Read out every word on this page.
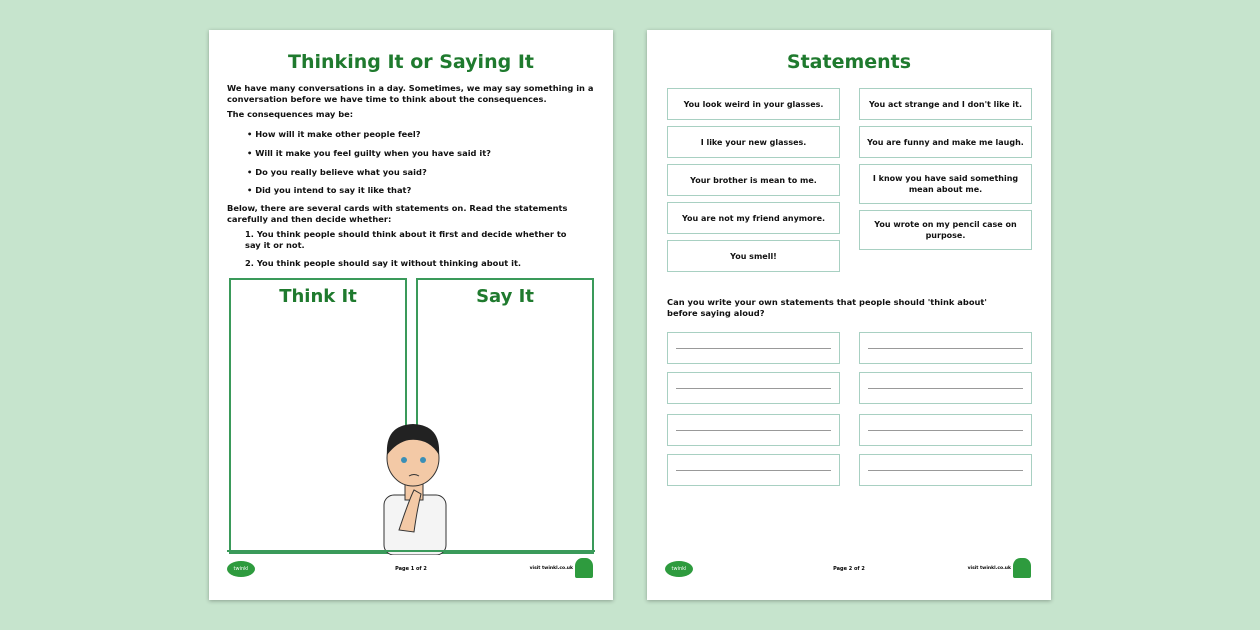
Thinking It or Saying It
We have many conversations in a day. Sometimes, we may say something in a conversation before we have time to think about the consequences.
The consequences may be:
• How will it make other people feel?
• Will it make you feel guilty when you have said it?
• Do you really believe what you said?
• Did you intend to say it like that?
Below, there are several cards with statements on. Read the statements carefully and then decide whether:
1. You think people should think about it first and decide whether to say it or not.
2. You think people should say it without thinking about it.
Think It	Say It
twinkl	Page 1 of 2	visit twinkl.co.uk
Statements
You look weird in your glasses.
I like your new glasses.
Your brother is mean to me.
You are not my friend anymore.
You smell!
You act strange and I don't like it.
You are funny and make me laugh.
I know you have said something mean about me.
You wrote on my pencil case on purpose.
Can you write your own statements that people should 'think about' before saying aloud?
twinkl	Page 2 of 2	visit twinkl.co.uk
